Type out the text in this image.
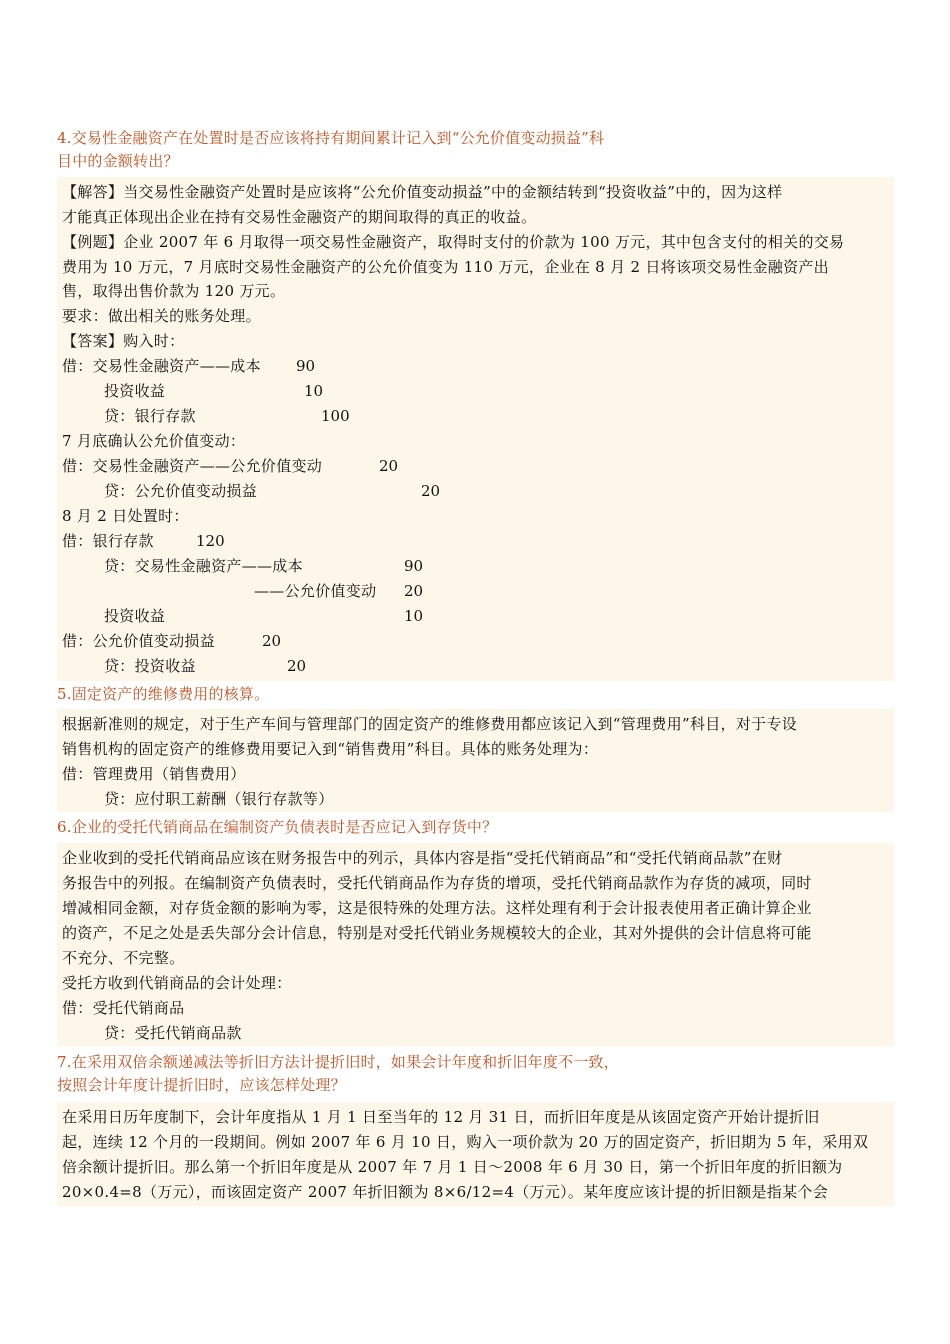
4.交易性金融资产在处置时是否应该将持有期间累计记入到“公允价值变动损益”科
目中的金额转出？
【解答】当交易性金融资产处置时是应该将“公允价值变动损益”中的金额结转到“投资收益”中的，因为这样
才能真正体现出企业在持有交易性金融资产的期间取得的真正的收益。
【例题】企业 2007 年 6 月取得一项交易性金融资产，取得时支付的价款为 100 万元，其中包含支付的相关的交易
费用为 10 万元，7 月底时交易性金融资产的公允价值变为 110 万元，企业在 8 月 2 日将该项交易性金融资产出
售，取得出售价款为 120 万元。
要求：做出相关的账务处理。
【答案】购入时：
借：交易性金融资产——成本 90
投资收益	10
贷：银行存款	100
7 月底确认公允价值变动：
借：交易性金融资产——公允价值变动	20
贷：公允价值变动损益	20
8 月 2 日处置时：
借：银行存款	120
贷：交易性金融资产——成本	90
——公允价值变动 20
投资收益	10
借：公允价值变动损益	20
贷：投资收益	20
5.固定资产的维修费用的核算。
根据新准则的规定，对于生产车间与管理部门的固定资产的维修费用都应该记入到“管理费用”科目，对于专设
销售机构的固定资产的维修费用要记入到“销售费用”科目。具体的账务处理为：
借：管理费用（销售费用）
贷：应付职工薪酬（银行存款等）
6.企业的受托代销商品在编制资产负债表时是否应记入到存货中？
企业收到的受托代销商品应该在财务报告中的列示，具体内容是指“受托代销商品”和“受托代销商品款”在财
务报告中的列报。在编制资产负债表时，受托代销商品作为存货的增项，受托代销商品款作为存货的减项，同时
增减相同金额，对存货金额的影响为零，这是很特殊的处理方法。这样处理有利于会计报表使用者正确计算企业
的资产，不足之处是丢失部分会计信息，特别是对受托代销业务规模较大的企业，其对外提供的会计信息将可能
不充分、不完整。
受托方收到代销商品的会计处理：
借：受托代销商品
贷：受托代销商品款
7.在采用双倍余额递减法等折旧方法计提折旧时，如果会计年度和折旧年度不一致，
按照会计年度计提折旧时，应该怎样处理？
在采用日历年度制下，会计年度指从 1 月 1 日至当年的 12 月 31 日，而折旧年度是从该固定资产开始计提折旧
起，连续 12 个月的一段期间。例如 2007 年 6 月 10 日，购入一项价款为 20 万的固定资产，折旧期为 5 年，采用双
倍余额计提折旧。那么第一个折旧年度是从 2007 年 7 月 1 日～2008 年 6 月 30 日，第一个折旧年度的折旧额为
20×0.4=8（万元），而该固定资产 2007 年折旧额为 8×6/12=4（万元）。某年度应该计提的折旧额是指某个会
